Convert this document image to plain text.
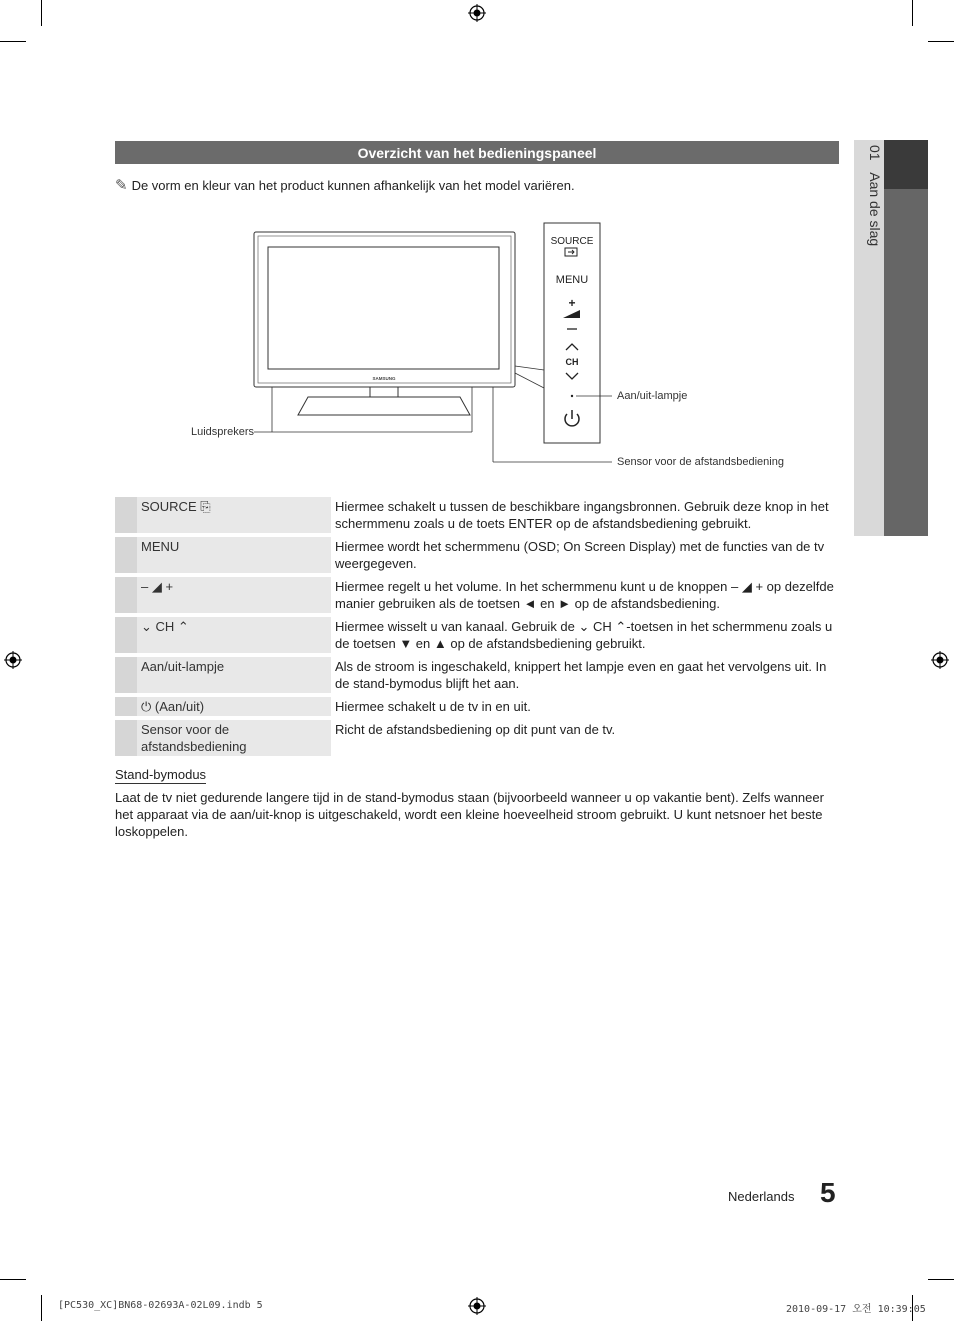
01   Aan de slag
Overzicht van het bedieningspaneel
✎ De vorm en kleur van het product kunnen afhankelijk van het model variëren.
SAMSUNG
SOURCE
MENU
+
CH
Aan/uit-lampje
Luidsprekers
Sensor voor de afstandsbediening
	SOURCE ⎘	Hiermee schakelt u tussen de beschikbare ingangsbronnen. Gebruik deze knop in het schermmenu zoals u de toets ENTER op de afstandsbediening gebruikt.
	MENU	Hiermee wordt het schermmenu (OSD; On Screen Display) met de functies van de tv weergegeven.
	– ◢ +	Hiermee regelt u het volume. In het schermmenu kunt u de knoppen – ◢ + op dezelfde manier gebruiken als de toetsen ◄ en ► op de afstandsbediening.
	⌄ CH ⌃	Hiermee wisselt u van kanaal. Gebruik de ⌄ CH ⌃-toetsen in het schermmenu zoals u de toetsen ▼ en ▲ op de afstandsbediening gebruikt.
	Aan/uit-lampje	Als de stroom is ingeschakeld, knippert het lampje even en gaat het vervolgens uit. In de stand-bymodus blijft het aan.
	⏻ (Aan/uit)	Hiermee schakelt u de tv in en uit.
	Sensor voor de afstandsbediening	Richt de afstandsbediening op dit punt van de tv.
Stand-bymodus
Laat de tv niet gedurende langere tijd in de stand-bymodus staan (bijvoorbeeld wanneer u op vakantie bent). Zelfs wanneer het apparaat via de aan/uit-knop is uitgeschakeld, wordt een kleine hoeveelheid stroom gebruikt. U kunt netsnoer het beste loskoppelen.
Nederlands 5
[PC530_XC]BN68-02693A-02L09.indb 5	2010-09-17 오전 10:39:05
